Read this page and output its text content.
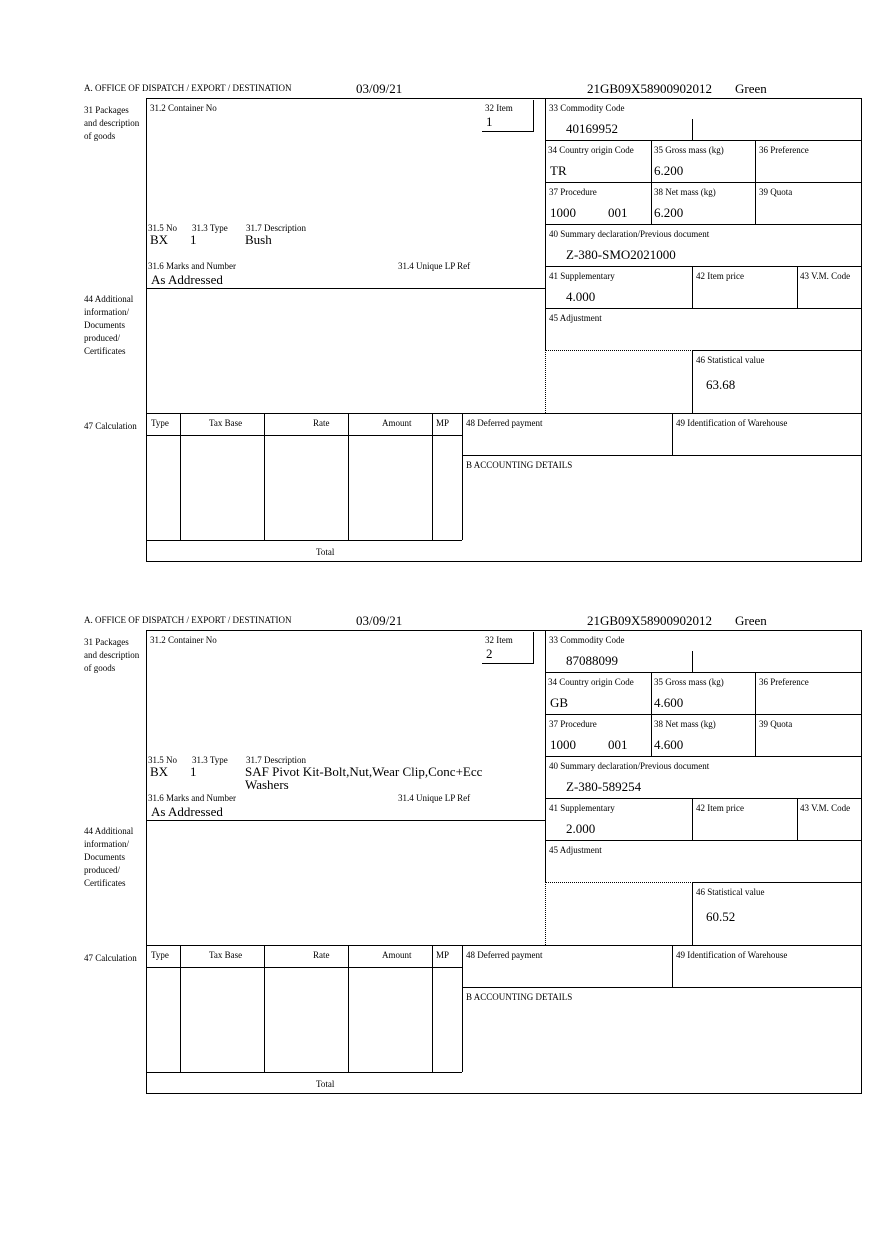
A. OFFICE OF DISPATCH / EXPORT / DESTINATION	03/09/21	21GB09X58900902012 Green
31 Packages and description of goods
44 Additional information/ Documents produced/ Certificates
47 Calculation
31.2 Container No	32 Item
1
31.5 No 31.3 Type 31.7 Description
BX 1	Bush
31.6 Marks and Number
As Addressed
31.4 Unique LP Ref
33 Commodity Code
40169952
34 Country origin Code
TR
35 Gross mass (kg)
6.200
36 Preference
37 Procedure
1000 001
38 Net mass (kg)
6.200
39 Quota
40 Summary declaration/Previous document
Z-380-SMO2021000
41 Supplementary
4.000
42 Item price	43 V.M. Code
45 Adjustment
46 Statistical value
63.68
Type	Tax Base	Rate	Amount	MP
Total
48 Deferred payment	49 Identification of Warehouse
B ACCOUNTING DETAILS
A. OFFICE OF DISPATCH / EXPORT / DESTINATION	03/09/21	21GB09X58900902012 Green
31 Packages and description of goods
44 Additional information/ Documents produced/ Certificates
47 Calculation
31.2 Container No	32 Item
2
31.5 No 31.3 Type 31.7 Description
BX 1	SAF Pivot Kit-Bolt,Nut,Wear Clip,Conc+Ecc Washers
31.6 Marks and Number
As Addressed
31.4 Unique LP Ref
33 Commodity Code
87088099
34 Country origin Code
GB
35 Gross mass (kg)
4.600
36 Preference
37 Procedure
1000 001
38 Net mass (kg)
4.600
39 Quota
40 Summary declaration/Previous document
Z-380-589254
41 Supplementary
2.000
42 Item price	43 V.M. Code
45 Adjustment
46 Statistical value
60.52
Type	Tax Base	Rate	Amount	MP
Total
48 Deferred payment	49 Identification of Warehouse
B ACCOUNTING DETAILS
